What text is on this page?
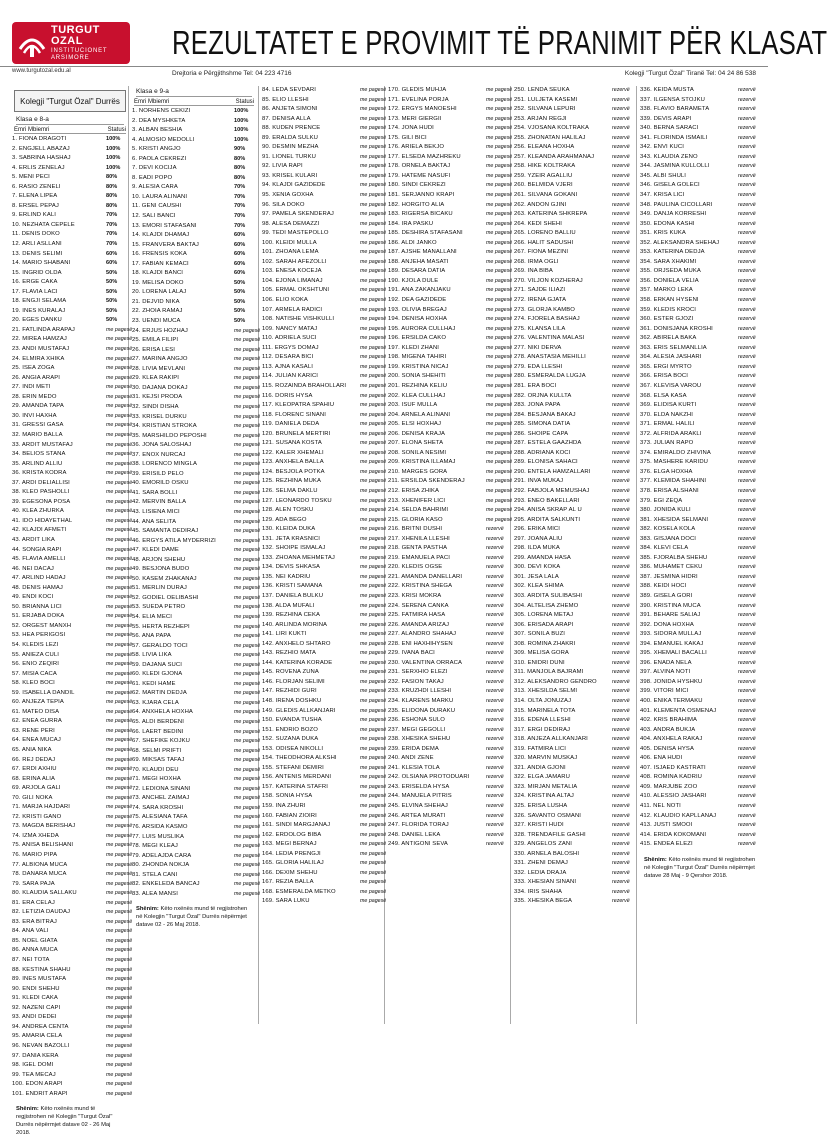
TURGUT OZAL
INSTITUCIONET
ARSIMORE
www.turgutozal.edu.al
REZULTATET E PROVIMIT TË PRANIMIT PËR KLASAT
Drejtoria e Përgjithshme Tel: 04 223 4716	Kolegji "Turgut Özal" Tiranë Tel: 04 24 86 538
Kolegji "Turgut Özal" Durrës
Klasa e 8-a
Emri Mbiemri	Statusi
1. FIONA DRAGOTI	100%
2. ENGJELL ABAZAJ	100%
3. SABRINA HASHAJ	100%
4. ERLIS ZENELAJ	100%
5. MENI PECI	80%
6. RASIO ZENELI	80%
7. ELENA LIPEA	80%
8. ERSEL PEPAJ	80%
9. ERLIND KALI	70%
10. NEZHATA CEPELE	70%
11. DENIS DOKO	70%
12. ARLI ASLLANI	70%
13. DENIS SELIMI	60%
14. MARIO SHABANI	60%
15. INGRID OLDA	50%
16. ERGE CAKA	50%
17. FLAVIA LACI	50%
18. ENGJI SELAMA	50%
19. INES KURALAJ	50%
20. EGES DANKU	50%
21. FATLINDA ARAPAJ	me pagesë
22. MIREA HAMZAJ	me pagesë
23. ANDI MUSTAFAJ	me pagesë
24. ELMIRA XHIKA	me pagesë
25. ISEA ZOGA	me pagesë
26. ANGIA ARAPI	me pagesë
27. INDI METI	me pagesë
28. ERIN MEDO	me pagesë
29. AMANDA TAPA	me pagesë
30. INVI HAXHA	me pagesë
31. GRESSI GASA	me pagesë
32. MARIO BALLA	me pagesë
33. ARDIT MUSTAFAJ	me pagesë
34. BELIOS STANA	me pagesë
35. ARLIND ALLIU	me pagesë
36. KRISTA KODRA	me pagesë
37. ARDI DELIALLISI	me pagesë
38. KLEO PASHOLLI	me pagesë
39. EGESONA POSA	me pagesë
40. KLEA ZHURKA	me pagesë
41. IDO HIDAYETHAL	me pagesë
42. KLAJDI AFMETI	me pagesë
43. ARDIT LIKA	me pagesë
44. SONGIA RAPI	me pagesë
45. FLAVIA AMELLI	me pagesë
46. NEI DACAJ	me pagesë
47. ARLIND HADAJ	me pagesë
48. DENIS HAMAJ	me pagesë
49. ENDI KOCI	me pagesë
50. BRIANNA LICI	me pagesë
51. ERJABA DOKA	me pagesë
52. ORGEST MANXH	me pagesë
53. HEA PERIGOSI	me pagesë
54. KLEDIS LEZI	me pagesë
55. ANIEZA CULI	me pagesë
56. ENIO ZEQIRI	me pagesë
57. MISIA CACA	me pagesë
58. KLEO BOCI	me pagesë
59. ISABELLA DANDIL	me pagesë
60. ANJEZA TEPIA	me pagesë
61. MATEO DISA	me pagesë
62. ENEA GURRA	me pagesë
63. RENE PERI	me pagesë
64. ENEA MUCAJ	me pagesë
65. ANIA NIKA	me pagesë
66. REJ DEDAJ	me pagesë
67. ERDI AXHIU	me pagesë
68. ERINA ALIA	me pagesë
69. ARJOLA GALI	me pagesë
70. GILI NOKA	me pagesë
71. MARJA HAJDARI	me pagesë
72. KRISTI GANO	me pagesë
73. MAGDA BERISHAJ	me pagesë
74. IZMA XHEDA	me pagesë
75. ANISA BELISHANI	me pagesë
76. MARIO PIPA	me pagesë
77. ALBIONA MUCA	me pagesë
78. DANARA MUCA	me pagesë
79. SARA PAJA	me pagesë
80. KLAUDIA SALLAKU	me pagesë
81. ERA CELAJ	me pagesë
82. LETIZIA DAUDAJ	me pagesë
83. ERA BITRAJ	me pagesë
84. ANA VALI	me pagesë
85. NOEL GIATA	me pagesë
86. ANNA MUCA	me pagesë
87. NEI TOTA	me pagesë
88. KESTINA SHAHU	me pagesë
89. INES MUSTAFA	me pagesë
90. ENDI SHEHU	me pagesë
91. KLEDI CAKA	me pagesë
92. NAZENI CAPI	me pagesë
93. ANDI DEDEI	me pagesë
94. ANDREA CENTA	me pagesë
95. AMARIA CELA	me pagesë
96. NEVAN BAZOLLI	me pagesë
97. DANIA KERA	me pagesë
98. IGEL DOMI	me pagesë
99. TEA MECAJ	me pagesë
100. EDON ARAPI	me pagesë
101. ENDRIT ARAPI	me pagesë
Shënim: Këto nxënës mund të regjistrohen në Kolegjin "Turgut Özal" Durrës nëpërmjet datave 02 - 26 Maj 2018.
Klasa e 9-a
Emri Mbiemri	Statusi
1. NORHENS CEKIZI	100%
2. DEA MYSHKETA	100%
3. ALBAN BESHIA	100%
4. ALMOSIO MEDOLLI	100%
5. KRISTI ANGJO	90%
6. PAOLA CEKREZI	80%
7. DEVI KOCIJA	80%
8. EADI POPO	80%
9. ALESIA CARA	70%
10. LAURA ALINANI	70%
11. GENI CAUSHI	70%
12. SALI BANCI	70%
13. EMORI STAFASANI	70%
14. KLAJDI DHAMAJ	60%
15. FRANVERA BAKTAJ	60%
16. FRENSIS KOKA	60%
17. FABIAN KEMACI	60%
18. KLAJDI BANCI	60%
19. MELISA DOKO	50%
20. LORENA LALAJ	50%
21. DEJVID NIKA	50%
22. ZHOIA RAMAJ	50%
23. UENDI MUCA	50%
24. ERJUS HOZHAJ	me pagesë
25. EMILA FILIPI	me pagesë
26. ERISA LESI	me pagesë
27. MARINA ANGJO	me pagesë
28. LIVIA MEVLANI	me pagesë
29. KLEA RAKIPI	me pagesë
30. DAJANA DOKAJ	me pagesë
31. KEJSI PRODA	me pagesë
32. SINDI DISHA	me pagesë
33. KRISEL DURKU	me pagesë
34. KRISTIAN STROKA	me pagesë
35. MARSHILDO PEPOSHI	me pagesë
36. JONA SALOSHAJ	me pagesë
37. ENOX NURCAJ	me pagesë
38. LORENCO MINGLA	me pagesë
39. ERISILD PELO	me pagesë
40. EMORILD OSKU	me pagesë
41. SARA BOLLI	me pagesë
42. MERVIN BALLA	me pagesë
43. LISIENA MICI	me pagesë
44. ANA SELITA	me pagesë
45. SAMANTA DEDIRAJ	me pagesë
46. ERGYS ATILA MYDERRIZI	me pagesë
47. KLEDI DAME	me pagesë
48. ARJON SHEHU	me pagesë
49. BESJONA BUDO	me pagesë
50. KASEM ZHAKANAJ	me pagesë
51. MERLIN DURAJ	me pagesë
52. GODIEL OELIBASHI	me pagesë
53. SUEDA PETRO	me pagesë
54. ELIA MECI	me pagesë
55. HERTA REZHEPI	me pagesë
56. ANA PAPA	me pagesë
57. GERALDO TOCI	me pagesë
58. LIVIA LIKA	me pagesë
59. DAJANA SUCI	me pagesë
60. KLEDI GJONA	me pagesë
61. KEDI HAME	me pagesë
62. MARTIN DEDJA	me pagesë
63. KJARA CELA	me pagesë
64. ANXHELA HOXHA	me pagesë
65. ALDI BERDENI	me pagesë
66. LAERT BEDINI	me pagesë
67. SHEFIKE KOJKU	me pagesë
68. SELMI PRIFTI	me pagesë
69. MIKSAS TAFAJ	me pagesë
70. KLAUDI DEU	me pagesë
71. MEGI HOXHA	me pagesë
72. LEDIONA SINANI	me pagesë
73. ANCHEL ZAIMAJ	me pagesë
74. SARA KROSHI	me pagesë
75. ALESIANA TAFA	me pagesë
76. ARSIDA KASMO	me pagesë
77. LUIS MUSLIKA	me pagesë
78. MEGI KLEAJ	me pagesë
79. ADELAJDA CARA	me pagesë
80. ZHONDA NOKJA	me pagesë
81. STELA CANI	me pagesë
82. ENKELEDA BANCAJ	me pagesë
83. ALEA MANSI	me pagesë
Shënim: Këto nxënës mund të regjistrohen në Kolegjin "Turgut Özal" Durrës nëpërmjet datave 02 - 26 Maj 2018.
84. LEDA SEVDARI	me pagesë
85. ELIO LLESHI	me pagesë
86. ANJETA SIMONI	me pagesë
87. DENISA ALLA	me pagesë
88. KUDEN PRENCE	me pagesë
89. ERALDA SULKU	me pagesë
90. DESMIN MEZHA	me pagesë
91. LIONEL TURKU	me pagesë
92. LIVIA RAPI	me pagesë
93. KRISEL KULARI	me pagesë
94. KLAJDI GAZIDEDE	me pagesë
95. XENIA GOXHA	me pagesë
96. SILA DOKO	me pagesë
97. PAMELA SKENDERAJ	me pagesë
98. ALESA DEMAZZI	me pagesë
99. TEDI MASTEPOLLO	me pagesë
100. KLEIDI MULLA	me pagesë
101. ZHOANA LEMA	me pagesë
102. SARAH AFEZOLLI	me pagesë
103. ENESA KOCEJA	me pagesë
104. EJONA LIMANAJ	me pagesë
105. ERMAL OKSHTUNI	me pagesë
106. ELIO KOKA	me pagesë
107. ARMELA RADICI	me pagesë
108. NATISHE VISHKULLI	me pagesë
109. NANCY MATAJ	me pagesë
110. ADRIELA SUCI	me pagesë
111. ERGYS DOMAJ	me pagesë
112. DESARA BICI	me pagesë
113. AJNA KASALI	me pagesë
114. JULIAN KARICI	me pagesë
115. ROZAINDA BRAHOLLARI	me pagesë
116. DORIS HYSA	me pagesë
117. KLEOPATRA SPAHIU	me pagesë
118. FLORENC SINANI	me pagesë
119. DANIELA DEDA	me pagesë
120. BRUNELA MERTIRI	me pagesë
121. SUSANA KOSTA	me pagesë
122. KALER XHEMALI	me pagesë
123. ANXHELA BALLA	me pagesë
124. BESJOLA POTKA	me pagesë
125. REZHINA MUKA	me pagesë
126. SELMA DAKLU	me pagesë
127. LEONARDO TOSKU	me pagesë
128. ALEN TOSKU	me pagesë
129. ADA BEGO	me pagesë
130. KLEIDA DUKA	me pagesë
131. JETA KRASNICI	me pagesë
132. SHOIPE ISMALAJ	me pagesë
133. ZHOANA MEHMETAJ	me pagesë
134. DEVIS SHKASA	me pagesë
135. NEI KADRIU	me pagesë
136. KRISTI SAMANA	me pagesë
137. DANIELA BULKU	me pagesë
138. ALDA MUFALI	me pagesë
139. REZHINA CEKA	me pagesë
140. ARLINDA MORINA	me pagesë
141. LIRI KUKTI	me pagesë
142. ANXHELO SHTARO	me pagesë
143. REZHIO MATA	me pagesë
144. KATERINA KORADE	me pagesë
145. ROVENA ZUNA	me pagesë
146. FLORJAN SELIMI	me pagesë
147. REZHIDI GURI	me pagesë
148. IRENA DOSHKU	me pagesë
149. GLEDIS ALLKANJARI	me pagesë
150. EVANDA TUSHA	me pagesë
151. ENDRIO BOZO	me pagesë
152. SUZANA DUKA	me pagesë
153. ODISEA NIKOLLI	me pagesë
154. THEODHORA ALKSHI	me pagesë
155. STEFANI DEMIRI	me pagesë
156. ANTENIS MERDANI	me pagesë
157. KATERINA STAFRI	me pagesë
158. SONIA HYSA	me pagesë
159. INA ZHURI	me pagesë
160. FABIAN ZIOIRI	me pagesë
161. SINDI MARGJANAJ	me pagesë
162. ERDOLOG BIBA	me pagesë
163. MEGI BERNAJ	me pagesë
164. LEDIA PRENGJI	me pagesë
165. GLORIA HALILAJ	me pagesë
166. DEXIM SHEHU	me pagesë
167. REZIA BALLA	me pagesë
168. ESMERALDA METKO	me pagesë
169. SARA LUKU	me pagesë
170. GLEDIS MUHJA	me pagesë
171. EVELINA PORJA	me pagesë
172. ERGYS MANOESHI	me pagesë
173. MERI GIERGII	me pagesë
174. JONA HUDI	me pagesë
175. GILI BICI	me pagesë
176. ARIELA BEKJO	me pagesë
177. ELSEDA MAZHREKU	me pagesë
178. ORNELA BAKTAJ	me pagesë
179. HATEME NASUFI	me pagesë
180. SINDI CEKREZI	me pagesë
181. SERJANNO KRAPI	me pagesë
182. HORGITO ALIA	me pagesë
183. RIGERSA BICAKU	me pagesë
184. IRA PASKU	me pagesë
185. DESHIRA STAFASANI	me pagesë
186. ALDI JANKO	me pagesë
187. AJSHE MANALLANI	me pagesë
188. ANJEHA MASATI	me pagesë
189. DESARA DATIA	me pagesë
190. KJOLA DULE	me pagesë
191. ANA ZAKANJAKU	me pagesë
192. DEA GAZIDEDE	me pagesë
193. OLIVIA BREGAJ	me pagesë
194. DENISA HOXHA	me pagesë
195. AURORA CULLHAJ	me pagesë
196. ERSILDA CAKO	me pagesë
197. KLEDI ZHANI	me pagesë
198. MIGENA TAHIRI	me pagesë
199. KRISTINA NICAJ	me pagesë
200. SONIA SHEHITI	me pagesë
201. REZHINA KELIU	me pagesë
202. KLEA CULLHAJ	me pagesë
203. ISUF MULLA	me pagesë
204. ARNELA ALINANI	me pagesë
205. ELSI HOXHAJ	me pagesë
206. DENISA KRAJA	me pagesë
207. ELONA SHETA	me pagesë
208. SONILA NESIMI	me pagesë
209. KRISTINA ILLAMAJ	me pagesë
210. MARGES GORA	me pagesë
211. ERSILDA SKENDERAJ	me pagesë
212. ERISA ZHIKA	me pagesë
213. XHENIFER LICI	me pagesë
214. SELDA BAHRIMI	me pagesë
215. GLORIA KASO	me pagesë
216. BRITNI DUSHI	rezervë
217. XHENILA LLESHI	rezervë
218. GENTA PASTHA	rezervë
219. EMANUELA PACI	rezervë
220. KLEDIS OGSE	rezervë
221. AMANDA DANELLARI	rezervë
222. KRISTINA SHEGA	rezervë
223. KRISI MOKRA	rezervë
224. SERENA CANKA	rezervë
225. FATMIRA HASA	rezervë
226. AMANDA ARIZAJ	rezervë
227. ALANDRO SHAHAJ	rezervë
228. ENI HAXHIHYSEN	rezervë
229. IVANA BACI	rezervë
230. VALENTINA ORRACA	rezervë
231. SERXHIO ELEZI	rezervë
232. FASION TAKAJ	rezervë
233. KRUZHDI LLESHI	rezervë
234. KLARENS MARKU	rezervë
235. ELIDONA DURAKU	rezervë
236. ESHONA SULO	rezervë
237. MEGI GEGOLLI	rezervë
238. XHESIKA SHEHU	rezervë
239. ERIDA DEMA	rezervë
240. ANDI ZENE	rezervë
241. KLESIA TOLA	rezervë
242. OLSIANA PROTODUARI	rezervë
243. ERISELDA HYSA	rezervë
244. MANUELA PITRIS	rezervë
245. ELVINA SHEHAJ	rezervë
246. ARTEA MURATI	rezervë
247. FLORIDA TORAJ	rezervë
248. DANIEL LEKA	rezervë
249. ANTIGONI SEVA	rezervë
250. LENDA SEUKA	rezervë
251. LULJETA KASEMI	rezervë
252. SILVANA LEPURI	rezervë
253. ARJAN REGJI	rezervë
254. VJOSANA KOLTRAKA	rezervë
255. ZHONATAN HALILAJ	rezervë
256. ELEANA HOXHA	rezervë
257. KLEANDA ARAHMANAJ	rezervë
258. HIKE KOLTRAKA	rezervë
259. YZEIR AGALLIU	rezervë
260. BELMIDA VJERI	rezervë
261. SILVANA GOKANI	rezervë
262. ANDON GJINI	rezervë
263. KATERINA SHKREPA	rezervë
264. KEDI SHEHI	rezervë
265. LORENO BALLIU	rezervë
266. HALIT SADUSHI	rezervë
267. FIONA MEZINI	rezervë
268. IRMA OGLI	rezervë
269. INA BIBA	rezervë
270. VILJON KOZHERAJ	rezervë
271. SAJDE ILIAZI	rezervë
272. IRENA GJATA	rezervë
273. GLORJA KAMBO	rezervë
274. FJORELA BASHAJ	rezervë
275. KLANSA LILA	rezervë
276. VALENTINA MALASI	rezervë
277. NIKI DERVA	rezervë
278. ANASTASIA MEHILLI	rezervë
279. EDA LLESHI	rezervë
280. ESMERALDA LUGJA	rezervë
281. ERA BOCI	rezervë
282. ORJNA KULLTA	rezervë
283. JONA PAPA	rezervë
284. BESJANA BAKAJ	rezervë
285. SIMONA DATIA	rezervë
286. SHOIPE CAPA	rezervë
287. ESTELA GAAZHDA	rezervë
288. ADRIANA KOCI	rezervë
289. ELONISA SAHACI	rezervë
290. ENTELA HAMZALLARI	rezervë
291. INVA MUKAJ	rezervë
292. FABJOLA MEMUSHAJ	rezervë
293. ENEO BAKELLARI	rezervë
294. ANISA SKRAP AL U	rezervë
295. ARDITA SALKUNTI	rezervë
296. ERIKA MICI	rezervë
297. JOANA ALIU	rezervë
298. ILDA MUKA	rezervë
299. AMANDA HASA	rezervë
300. DEVI KOKA	rezervë
301. JESA LALA	rezervë
302. KLEA SHIMA	rezervë
303. ARDITA SULIBASHI	rezervë
304. ALTELISA ZHEMO	rezervë
305. LORENA METAJ	rezervë
306. ERISADA ARAPI	rezervë
307. SONILA BUZI	rezervë
308. ROMINA ZHAKRI	rezervë
309. MELISA GORA	rezervë
310. ENIDRI DUNI	rezervë
311. MANJOLA BAJRAMI	rezervë
312. ALEKSANDRO GENDRO	rezervë
313. XHESILDA SELMI	rezervë
314. OLTA JONUZAJ	rezervë
315. MARINELA TOTA	rezervë
316. EDENA LLESHI	rezervë
317. ERGI DEDIRAJ	rezervë
318. ANJEZA ALLKANJARI	rezervë
319. FATMIRA LICI	rezervë
320. MARVIN MUSKAJ	rezervë
321. ANDIA GJONI	rezervë
322. ELGA JAMARU	rezervë
323. MIRJAN METALIA	rezervë
324. KRISTINA ALTAJ	rezervë
325. ERISA LUSHA	rezervë
326. SAVANTO OSMANI	rezervë
327. KRISTI HUDI	rezervë
328. TRENDAFILE GASHI	rezervë
329. ANGELOS ZANI	rezervë
330. ARNELA BALOSHI	rezervë
331. ZHENI DEMAJ	rezervë
332. LEDIA DRAJA	rezervë
333. XHESIAN SINANI	rezervë
334. IRIS SHAHA	rezervë
335. XHESIKA BEGA	rezervë
336. KEIDA MUSTA	rezervë
337. ILGENSA STOJKU	rezervë
338. FLAVIO BARAMETA	rezervë
339. DEVIS ARAPI	rezervë
340. BERNA SARACI	rezervë
341. FLORINDA ISMAILI	rezervë
342. ENVI KUCI	rezervë
343. KLAUDIA ZENO	rezervë
344. JASMINA KULLOLLI	rezervë
345. ALBI SHULI	rezervë
346. GISELA GOLECI	rezervë
347. KRISA LICI	rezervë
348. PAULINA CICOLLARI	rezervë
349. DANJA KORRESHI	rezervë
350. EDONA KASHI	rezervë
351. KRIS KUKA	rezervë
352. ALEKSANDRA SHEHAJ	rezervë
353. KATERINA DEDJA	rezervë
354. SARA XHAKIMI	rezervë
355. ORJSEDA MUKA	rezervë
356. DONIELA VELIA	rezervë
357. MARKO LEKA	rezervë
358. ERKAN HYSENI	rezervë
359. KLEDIS KROCI	rezervë
360. ESTER GJOZI	rezervë
361. DONISJANA KROSHI	rezervë
362. ABIRELA BAKA	rezervë
363. ERIS SELMANLLIA	rezervë
364. ALESIA JASHARI	rezervë
365. ERGI MYRTO	rezervë
366. ERISA BOCI	rezervë
367. KLEVISA VAROU	rezervë
368. ELSA KASA	rezervë
369. ELIDISA KURTI	rezervë
370. ELDA NAKZHI	rezervë
371. ERMAL HALILI	rezervë
372. ALFRIDA ARAKLI	rezervë
373. JULIAN RAPO	rezervë
374. EMIRALDO ZHIVINA	rezervë
375. MASHERE KARIDU	rezervë
376. ELGA HOXHA	rezervë
377. KLEMIDA SHAHINI	rezervë
378. ERISA ALSHANI	rezervë
379. EGI ZEQA	rezervë
380. JONIDA KULI	rezervë
381. XHESIDA SELMANI	rezervë
382. KOSELA KOLA	rezervë
383. GISJANA DOCI	rezervë
384. KLEVI CELA	rezervë
385. FJORALBA SHEHU	rezervë
386. MUHAMET CEKU	rezervë
387. JESMINA HIDRI	rezervë
388. KEIDI HOCI	rezervë
389. GISELA GORI	rezervë
390. KRISTINA MUCA	rezervë
391. BEHARE SALIAJ	rezervë
392. DONA HOXHA	rezervë
393. SIDORA MULLAJ	rezervë
394. EMANUEL KAKAJ	rezervë
395. XHEMALI BACALLI	rezervë
396. ENADA NELA	rezervë
397. ALVINA NOTI	rezervë
398. JONIDA HYSHKU	rezervë
399. VITORI MICI	rezervë
400. ENIKA TERMAKU	rezervë
401. KLEMENTA OSMENAJ	rezervë
402. KRIS BRAHIMA	rezervë
403. ANDRA BUKJA	rezervë
404. ANXHELA RAKAJ	rezervë
405. DENISA HYSA	rezervë
406. ENA HUDI	rezervë
407. ISJAED KASTRATI	rezervë
408. ROMINA KADRIU	rezervë
409. MARJUBE ZOO	rezervë
410. ALESSIO JASHARI	rezervë
411. NEL NOTI	rezervë
412. KLAUDIO KAPLLANAJ	rezervë
413. JUSTI SMOOI	rezervë
414. ERIDA KOKOMANI	rezervë
415. ENDEA ELEZI	rezervë
Shënim: Këto nxënës mund të regjistrohen në Kolegjin "Turgut Özal" Durrës nëpërmjet datave 28 Maj - 9 Qershor 2018.
